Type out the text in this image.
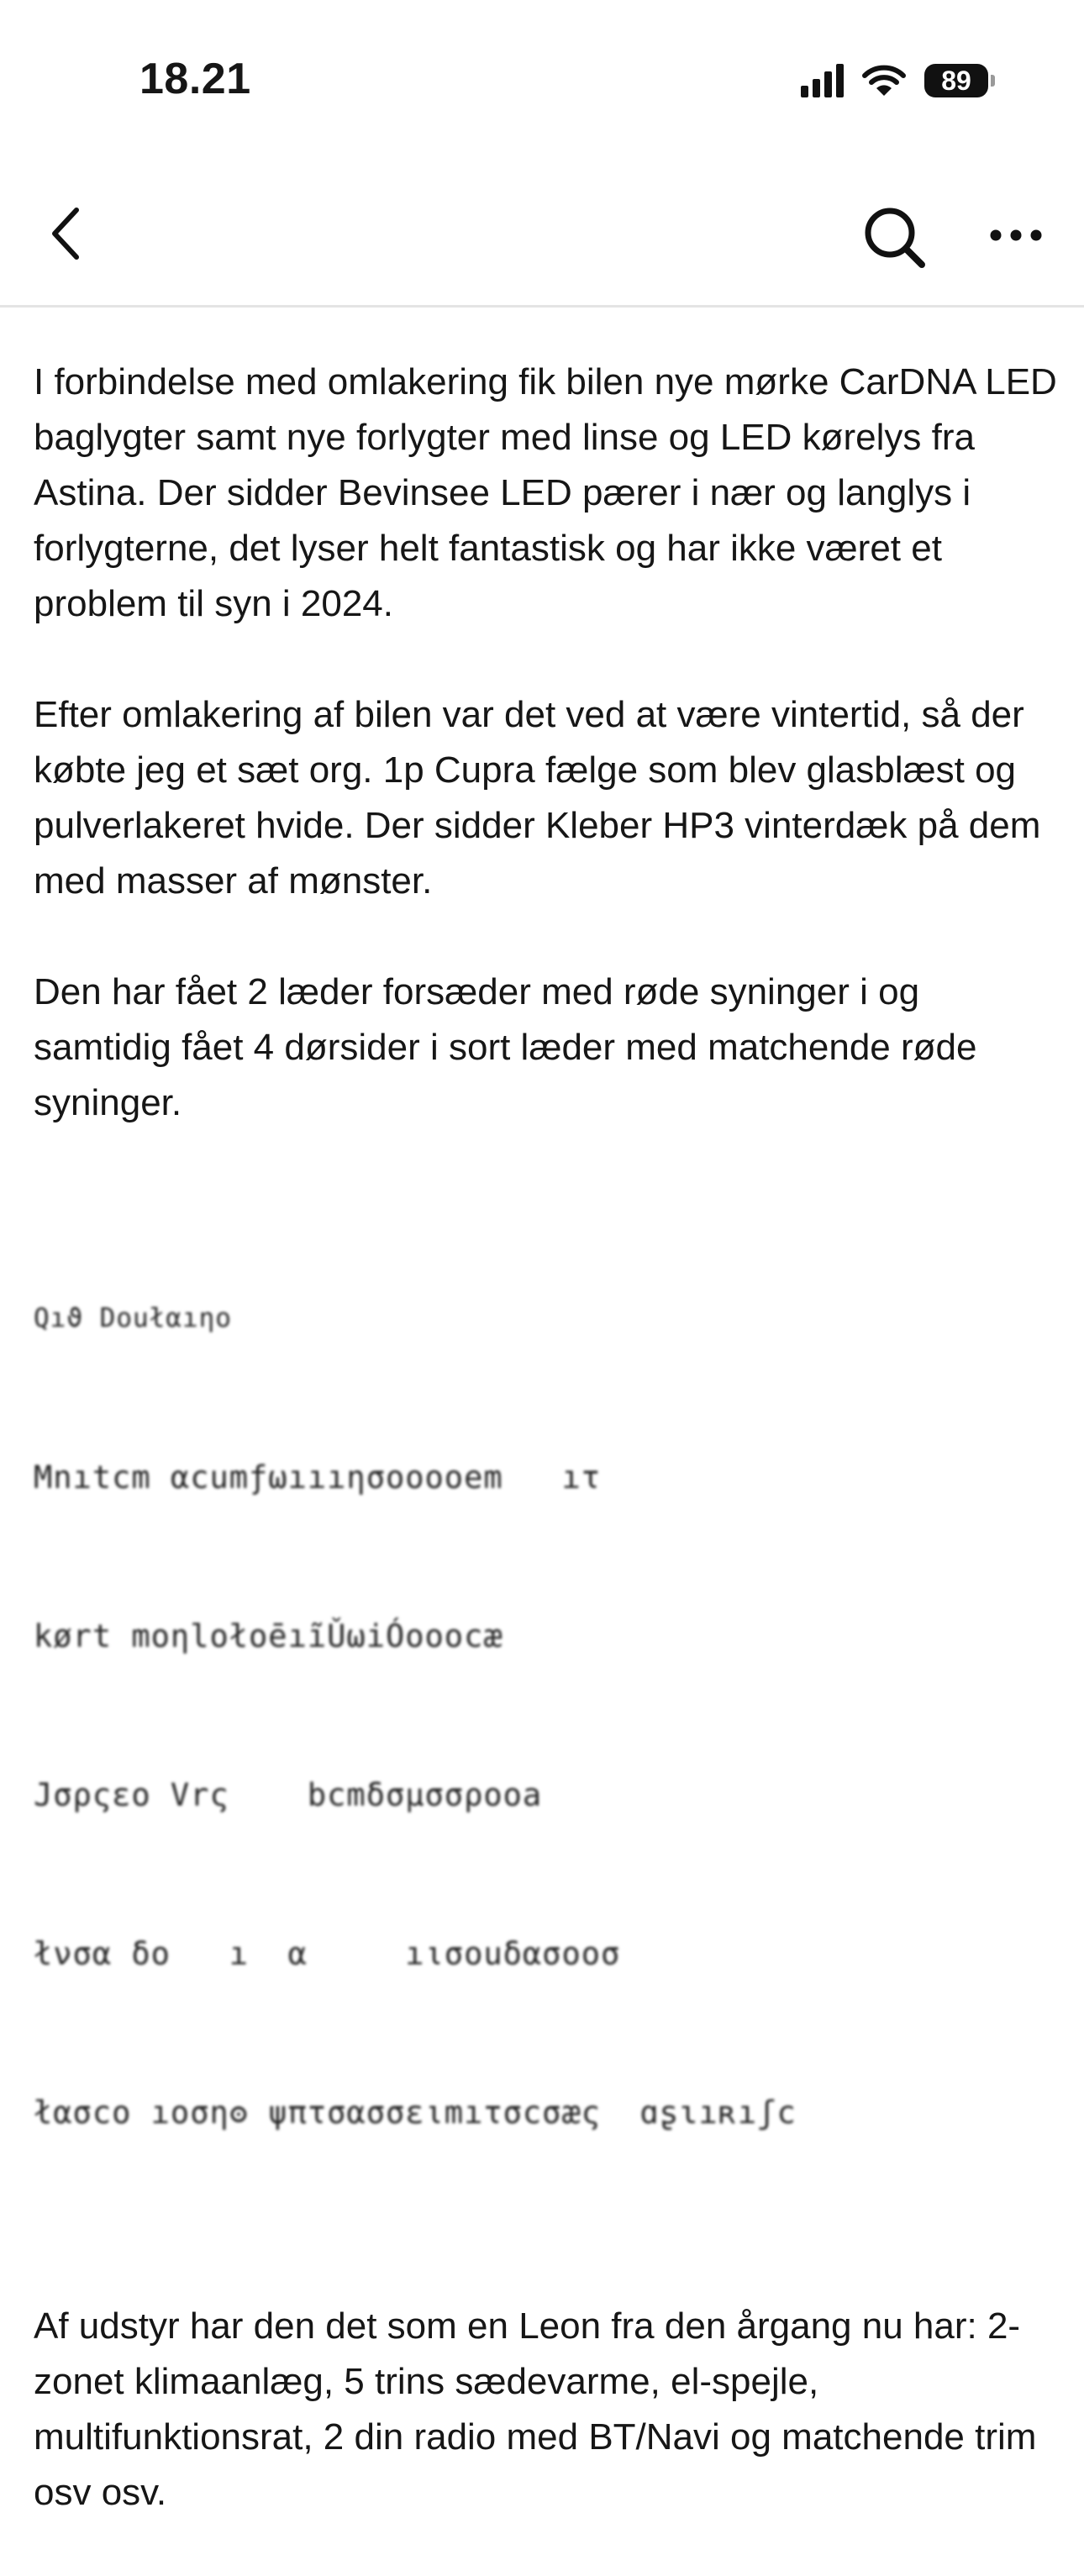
18.21	89

I forbindelse med omlakering fik bilen nye mørke CarDNA LED baglygter samt nye forlygter med linse og LED kørelys fra Astina. Der sidder Bevinsee LED pærer i nær og langlys i forlygterne, det lyser helt fantastisk og har ikke været et problem til syn i 2024.

Efter omlakering af bilen var det ved at være vintertid, så der købte jeg et sæt org. 1p Cupra fælge som blev glasblæst og pulverlakeret hvide. Der sidder Kleber HP3 vinterdæk på dem med masser af mønster.

Den har fået 2 læder forsæder med røde syninger i og samtidig fået 4 dørsider i sort læder med matchende røde syninger.

Qıϑ Doułαıηο

Mnıtcm αcumƒωıııησooooem   ıτ

kørt moηlołοēıĩǓωiÓοoocæ

Jσρςεο Vrς    bcmδσμσσροoa

łνσα δο   ı  α     ıισouδασooσ

łασco ıoσηʘ ψπτσασσειmıτσcσæς  ɑʂɩıʀıʃc

Af udstyr har den det som en Leon fra den årgang nu har: 2-zonet klimaanlæg, 5 trins sædevarme, el-spejle, multifunktionsrat, 2 din radio med BT/Navi og matchende trim osv osv.
